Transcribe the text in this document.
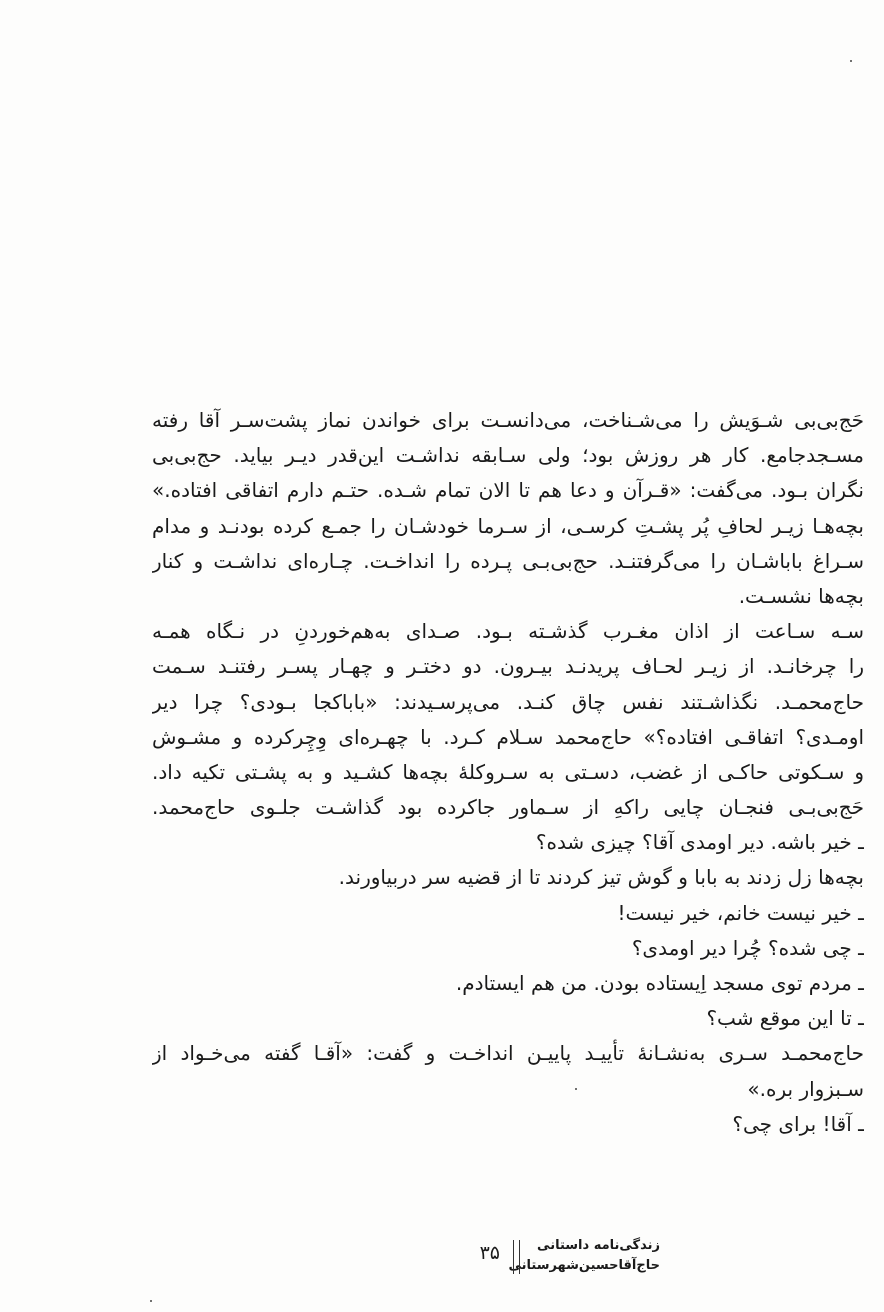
حَج‌بی‌بی شـوَیش را می‌شـناخت، می‌دانسـت برای خواندن نماز پشت‌سـر آقا رفته
مسـجدجامع. کار هر روزش بود؛ ولی سـابقه نداشـت این‌قدر دیـر بیاید. حج‌بی‌بی
نگران بـود. می‌گفت: «قـرآن و دعا هم تا الان تمام شـده. حتـم دارم اتفاقی افتاده.»
بچه‌هـا زیـر لحافِ پُر پشـتِ کرسـی، از سـرما خودشـان را جمـع کرده بودنـد و مدام
سـراغ باباشـان را می‌گرفتنـد. حج‌بی‌بـی پـرده را انداخـت. چـاره‌ای نداشـت و کنار
بچه‌ها نشسـت.
سـه سـاعت از اذان مغـرب گذشـته بـود. صـدای به‌هم‌خوردنِ در نـگاه همـه
را چرخانـد. از زیـر لحـاف پریدنـد بیـرون. دو دختـر و چهـار پسـر رفتنـد سـمت
حاج‌محمـد. نگذاشـتند نفس چاق کنـد. می‌پرسـیدند: «باباکجا بـودی؟ چرا دیر
اومـدی؟ اتفاقـی افتاده؟» حاج‌محمد سـلام کـرد. با چهـره‌ای وِچِرکرده و مشـوش
و سـکوتی حاکـی از غضب، دسـتی به سـروکلۀ بچه‌ها کشـید و به پشـتی تکیه داد.
حَج‌بی‌بـی فنجـان چایی راکهِ از سـماور جاکرده بود گذاشـت جلـوی حاج‌محمد.
ـ خیر باشه. دیر اومدی آقا؟ چیزی شده؟
بچه‌ها زل زدند به بابا و گوش تیز کردند تا از قضیه سر دربیاورند.
ـ خیر نیست خانم، خیر نیست!
ـ چی شده؟ چُرا دیر اومدی؟
ـ مردم توی مسجد اِیستاده بودن. من هم ایستادم.
ـ تا این موقع شب؟
حاج‌محمـد سـری به‌نشـانۀ تأییـد پاییـن انداخـت و گفت: «آقـا گفته می‌خـواد از
سـبزوار بره.»
ـ آقا! برای چی؟
زندگی‌نامه داستانی
حاج‌آقاحسین‌شهرستانی
۳۵
